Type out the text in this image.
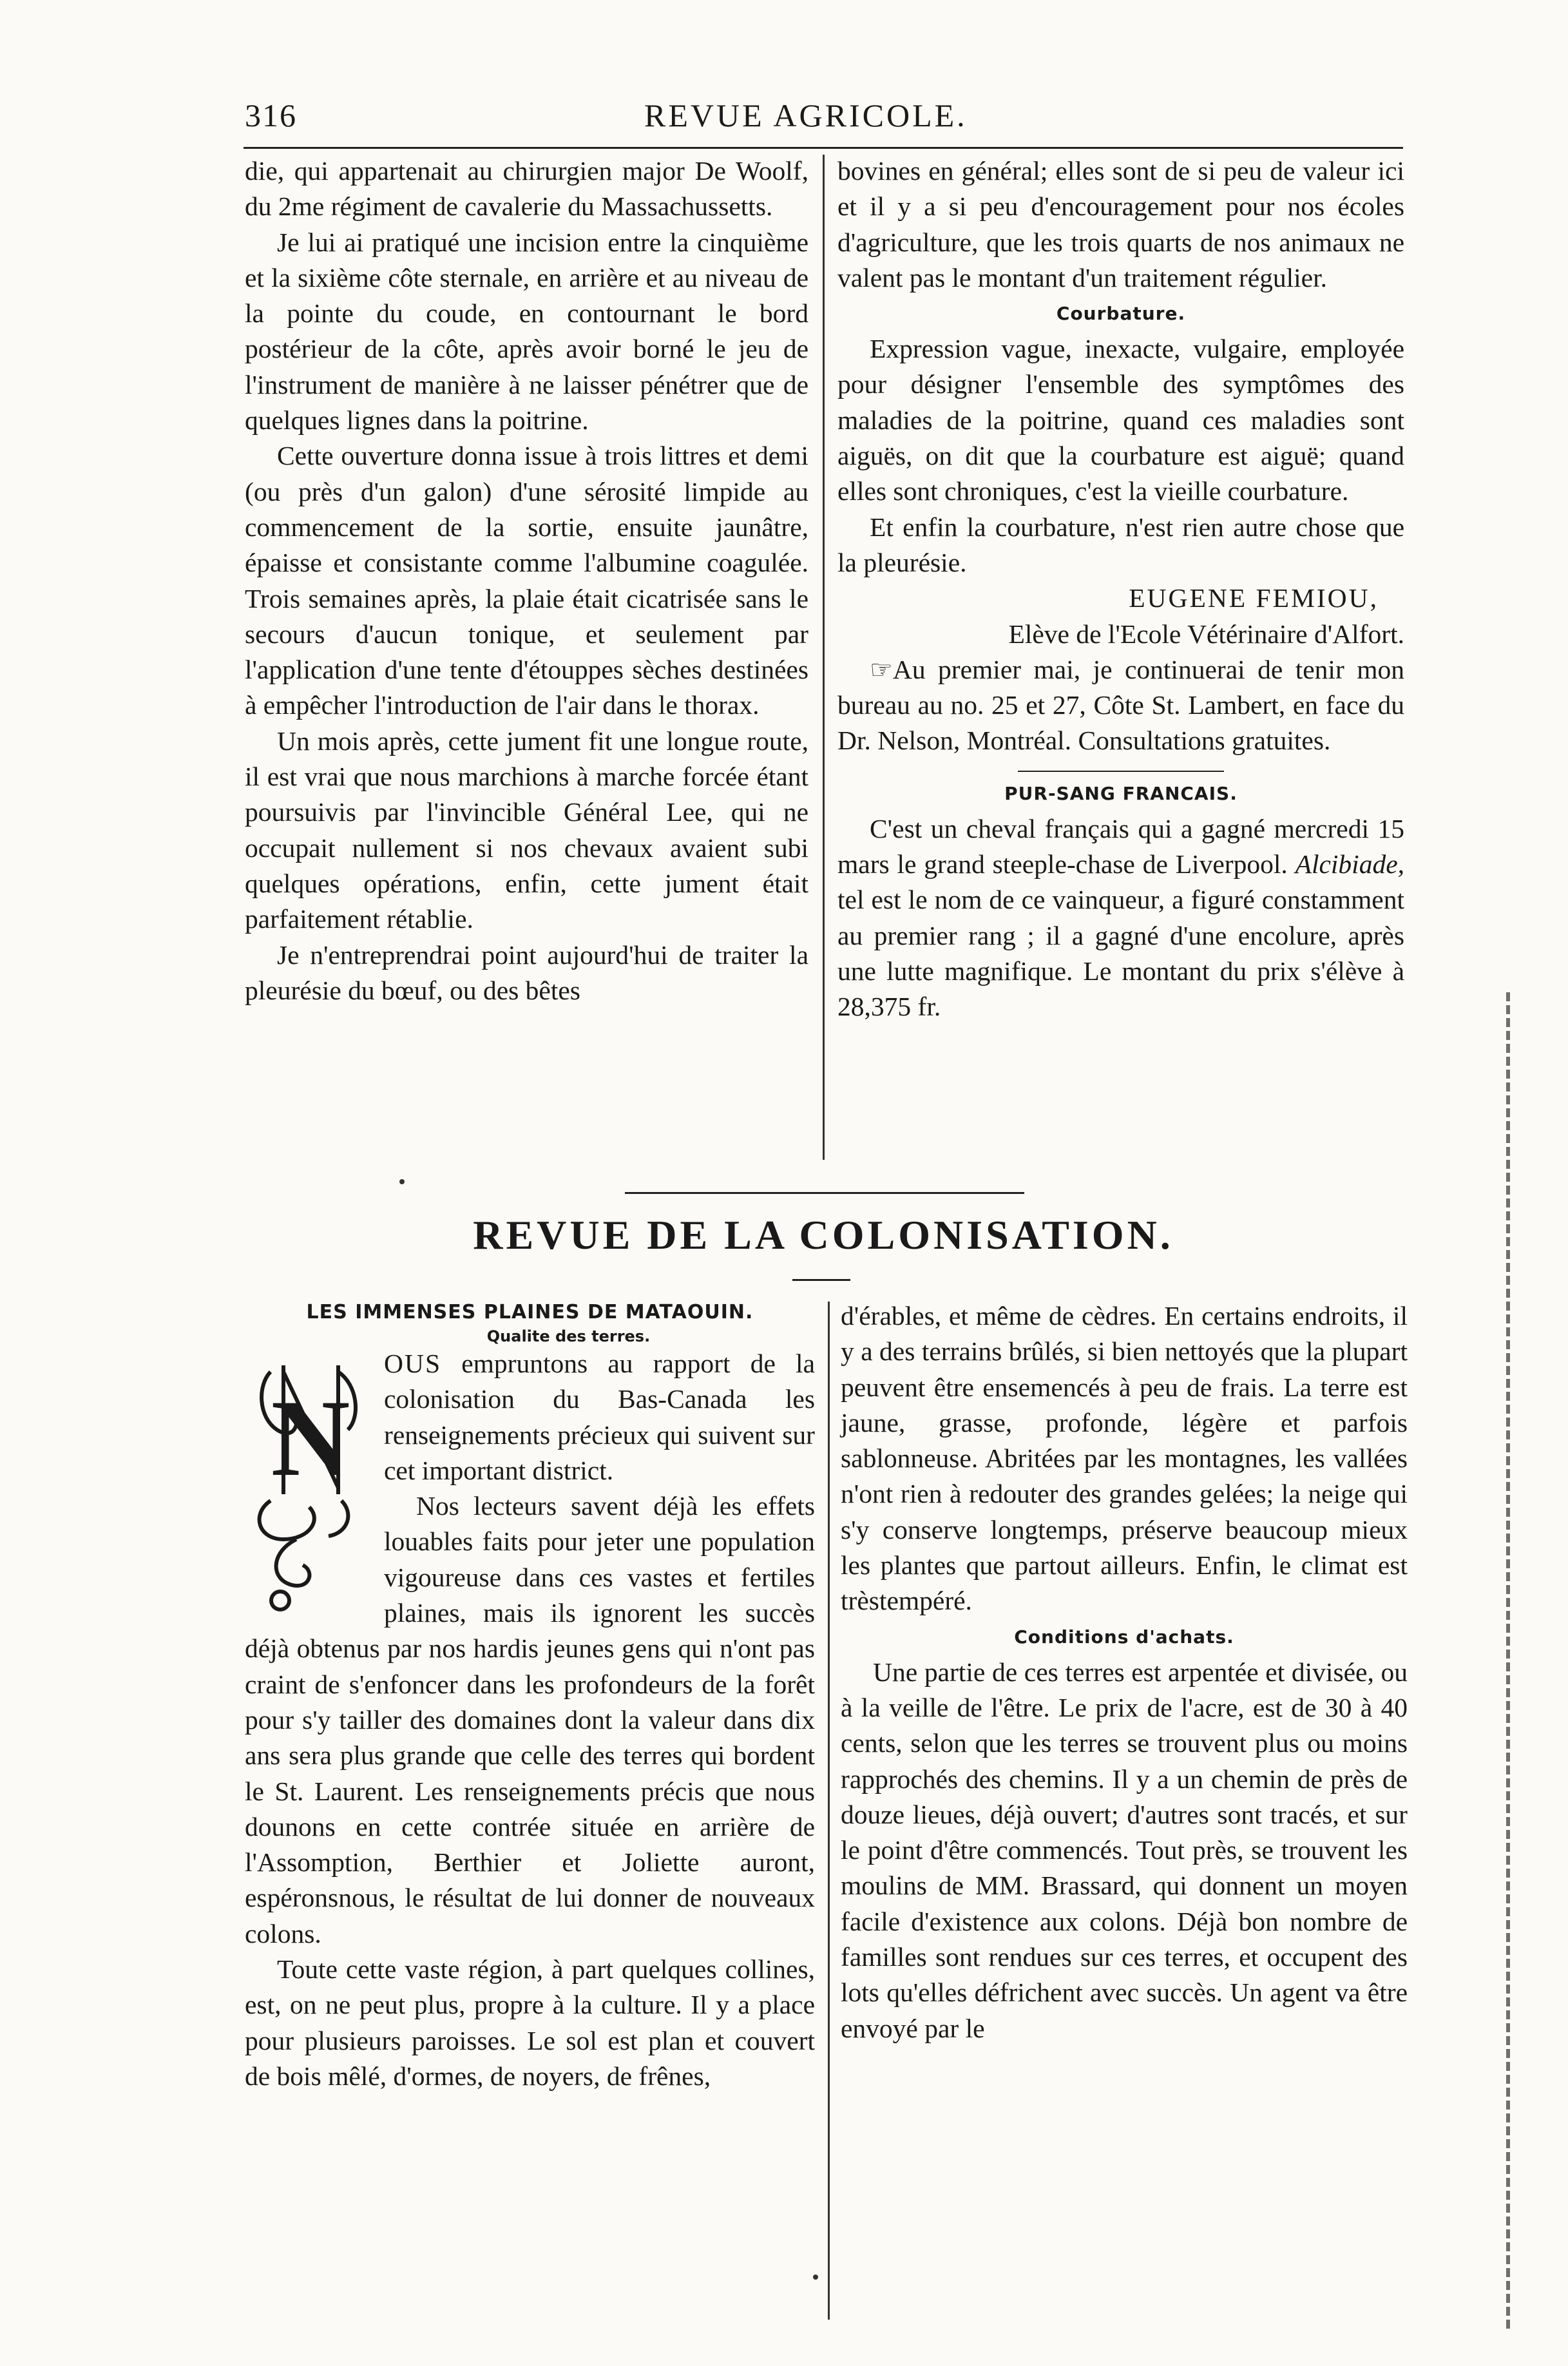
316	REVUE AGRICOLE.

die, qui appartenait au chirurgien major De Woolf, du 2me régiment de cavalerie du Massachussetts.

Je lui ai pratiqué une incision entre la cinquième et la sixième côte sternale, en arrière et au niveau de la pointe du coude, en contournant le bord postérieur de la côte, après avoir borné le jeu de l'instrument de manière à ne laisser pénétrer que de quelques lignes dans la poitrine.

Cette ouverture donna issue à trois littres et demi (ou près d'un galon) d'une sérosité limpide au commencement de la sortie, ensuite jaunâtre, épaisse et consistante comme l'albumine coagulée. Trois semaines après, la plaie était cicatrisée sans le secours d'aucun tonique, et seulement par l'application d'une tente d'étouppes sèches destinées à empêcher l'introduction de l'air dans le thorax.

Un mois après, cette jument fit une longue route, il est vrai que nous marchions à marche forcée étant poursuivis par l'invincible Général Lee, qui ne occupait nullement si nos chevaux avaient subi quelques opérations, enfin, cette jument était parfaitement rétablie.

Je n'entreprendrai point aujourd'hui de traiter la pleurésie du bœuf, ou des bêtes

bovines en général; elles sont de si peu de valeur ici et il y a si peu d'encouragement pour nos écoles d'agriculture, que les trois quarts de nos animaux ne valent pas le montant d'un traitement régulier.

Courbature.

Expression vague, inexacte, vulgaire, employée pour désigner l'ensemble des symptômes des maladies de la poitrine, quand ces maladies sont aiguës, on dit que la courbature est aiguë; quand elles sont chroniques, c'est la vieille courbature.

Et enfin la courbature, n'est rien autre chose que la pleurésie.

EUGENE FEMIOU,
Elève de l'Ecole Vétérinaire d'Alfort.

☞Au premier mai, je continuerai de tenir mon bureau au no. 25 et 27, Côte St. Lambert, en face du Dr. Nelson, Montréal. Consultations gratuites.

PUR-SANG FRANCAIS.

C'est un cheval français qui a gagné mercredi 15 mars le grand steeple-chase de Liverpool. Alcibiade, tel est le nom de ce vainqueur, a figuré constamment au premier rang ; il a gagné d'une encolure, après une lutte magnifique. Le montant du prix s'élève à 28,375 fr.

REVUE DE LA COLONISATION.
LES IMMENSES PLAINES DE MATAOUIN.
Qualite des terres.
N

OUS empruntons au rapport de la colonisation du Bas-Canada les renseignements précieux qui suivent sur cet important district.

Nos lecteurs savent déjà les effets louables faits pour jeter une population vigoureuse dans ces vastes et fertiles plaines, mais ils ignorent les succès déjà obtenus par nos hardis jeunes gens qui n'ont pas craint de s'enfoncer dans les profondeurs de la forêt pour s'y tailler des domaines dont la valeur dans dix ans sera plus grande que celle des terres qui bordent le St. Laurent. Les renseignements précis que nous dounons en cette contrée située en arrière de l'Assomption, Berthier et Joliette auront, espéronsnous, le résultat de lui donner de nouveaux colons.

Toute cette vaste région, à part quelques collines, est, on ne peut plus, propre à la culture. Il y a place pour plusieurs paroisses. Le sol est plan et couvert de bois mêlé, d'ormes, de noyers, de frênes,

d'érables, et même de cèdres. En certains endroits, il y a des terrains brûlés, si bien nettoyés que la plupart peuvent être ensemencés à peu de frais. La terre est jaune, grasse, profonde, légère et parfois sablonneuse. Abritées par les montagnes, les vallées n'ont rien à redouter des grandes gelées; la neige qui s'y conserve longtemps, préserve beaucoup mieux les plantes que partout ailleurs. Enfin, le climat est trèstempéré.

Conditions d'achats.

Une partie de ces terres est arpentée et divisée, ou à la veille de l'être. Le prix de l'acre, est de 30 à 40 cents, selon que les terres se trouvent plus ou moins rapprochés des chemins. Il y a un chemin de près de douze lieues, déjà ouvert; d'autres sont tracés, et sur le point d'être commencés. Tout près, se trouvent les moulins de MM. Brassard, qui donnent un moyen facile d'existence aux colons. Déjà bon nombre de familles sont rendues sur ces terres, et occupent des lots qu'elles défrichent avec succès. Un agent va être envoyé par le
